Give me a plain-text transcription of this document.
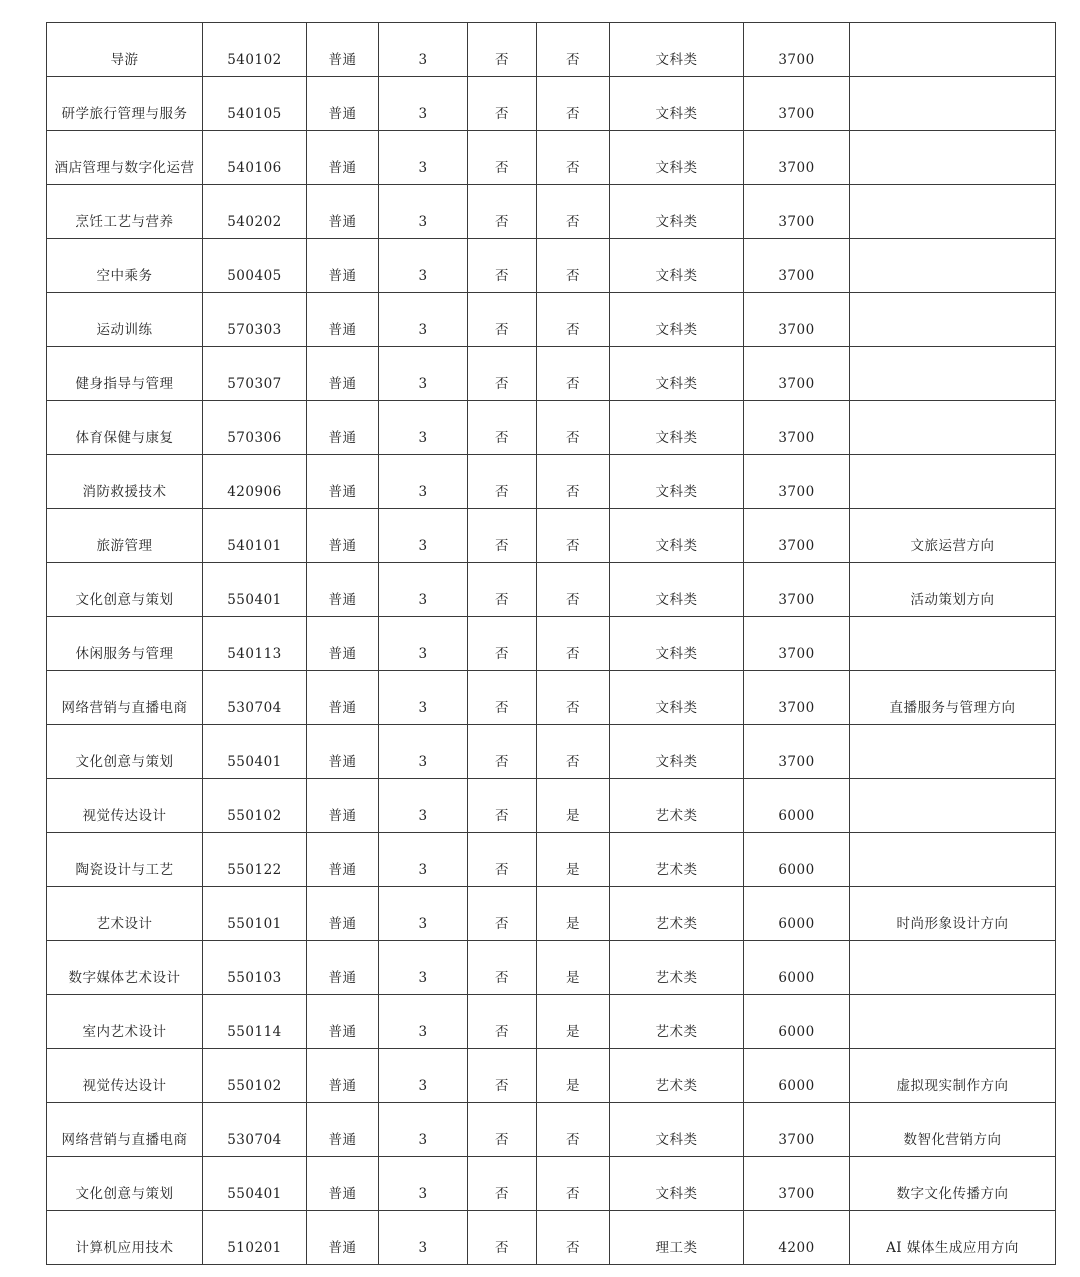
导游	540102	普通	3	否	否	文科类	3700	
研学旅行管理与服务	540105	普通	3	否	否	文科类	3700	
酒店管理与数字化运营	540106	普通	3	否	否	文科类	3700	
烹饪工艺与营养	540202	普通	3	否	否	文科类	3700	
空中乘务	500405	普通	3	否	否	文科类	3700	
运动训练	570303	普通	3	否	否	文科类	3700	
健身指导与管理	570307	普通	3	否	否	文科类	3700	
体育保健与康复	570306	普通	3	否	否	文科类	3700	
消防救援技术	420906	普通	3	否	否	文科类	3700	
旅游管理	540101	普通	3	否	否	文科类	3700	文旅运营方向
文化创意与策划	550401	普通	3	否	否	文科类	3700	活动策划方向
休闲服务与管理	540113	普通	3	否	否	文科类	3700	
网络营销与直播电商	530704	普通	3	否	否	文科类	3700	直播服务与管理方向
文化创意与策划	550401	普通	3	否	否	文科类	3700	
视觉传达设计	550102	普通	3	否	是	艺术类	6000	
陶瓷设计与工艺	550122	普通	3	否	是	艺术类	6000	
艺术设计	550101	普通	3	否	是	艺术类	6000	时尚形象设计方向
数字媒体艺术设计	550103	普通	3	否	是	艺术类	6000	
室内艺术设计	550114	普通	3	否	是	艺术类	6000	
视觉传达设计	550102	普通	3	否	是	艺术类	6000	虚拟现实制作方向
网络营销与直播电商	530704	普通	3	否	否	文科类	3700	数智化营销方向
文化创意与策划	550401	普通	3	否	否	文科类	3700	数字文化传播方向
计算机应用技术	510201	普通	3	否	否	理工类	4200	AI 媒体生成应用方向
